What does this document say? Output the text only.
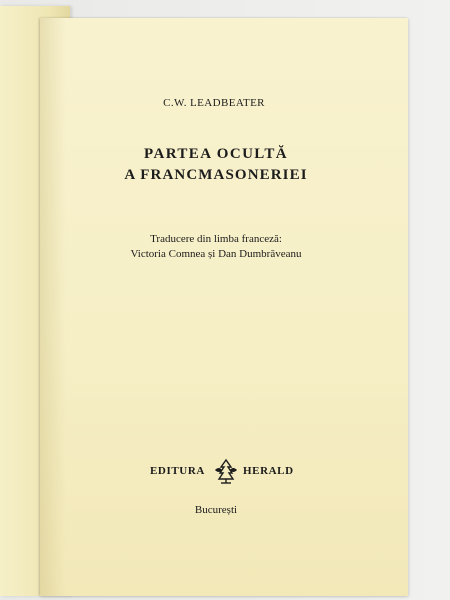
C.W. LEADBEATER
PARTEA OCULTĂ
A FRANCMASONERIEI
Traducere din limba franceză:
Victoria Comnea și Dan Dumbrăveanu
EDITURA	HERALD
București
